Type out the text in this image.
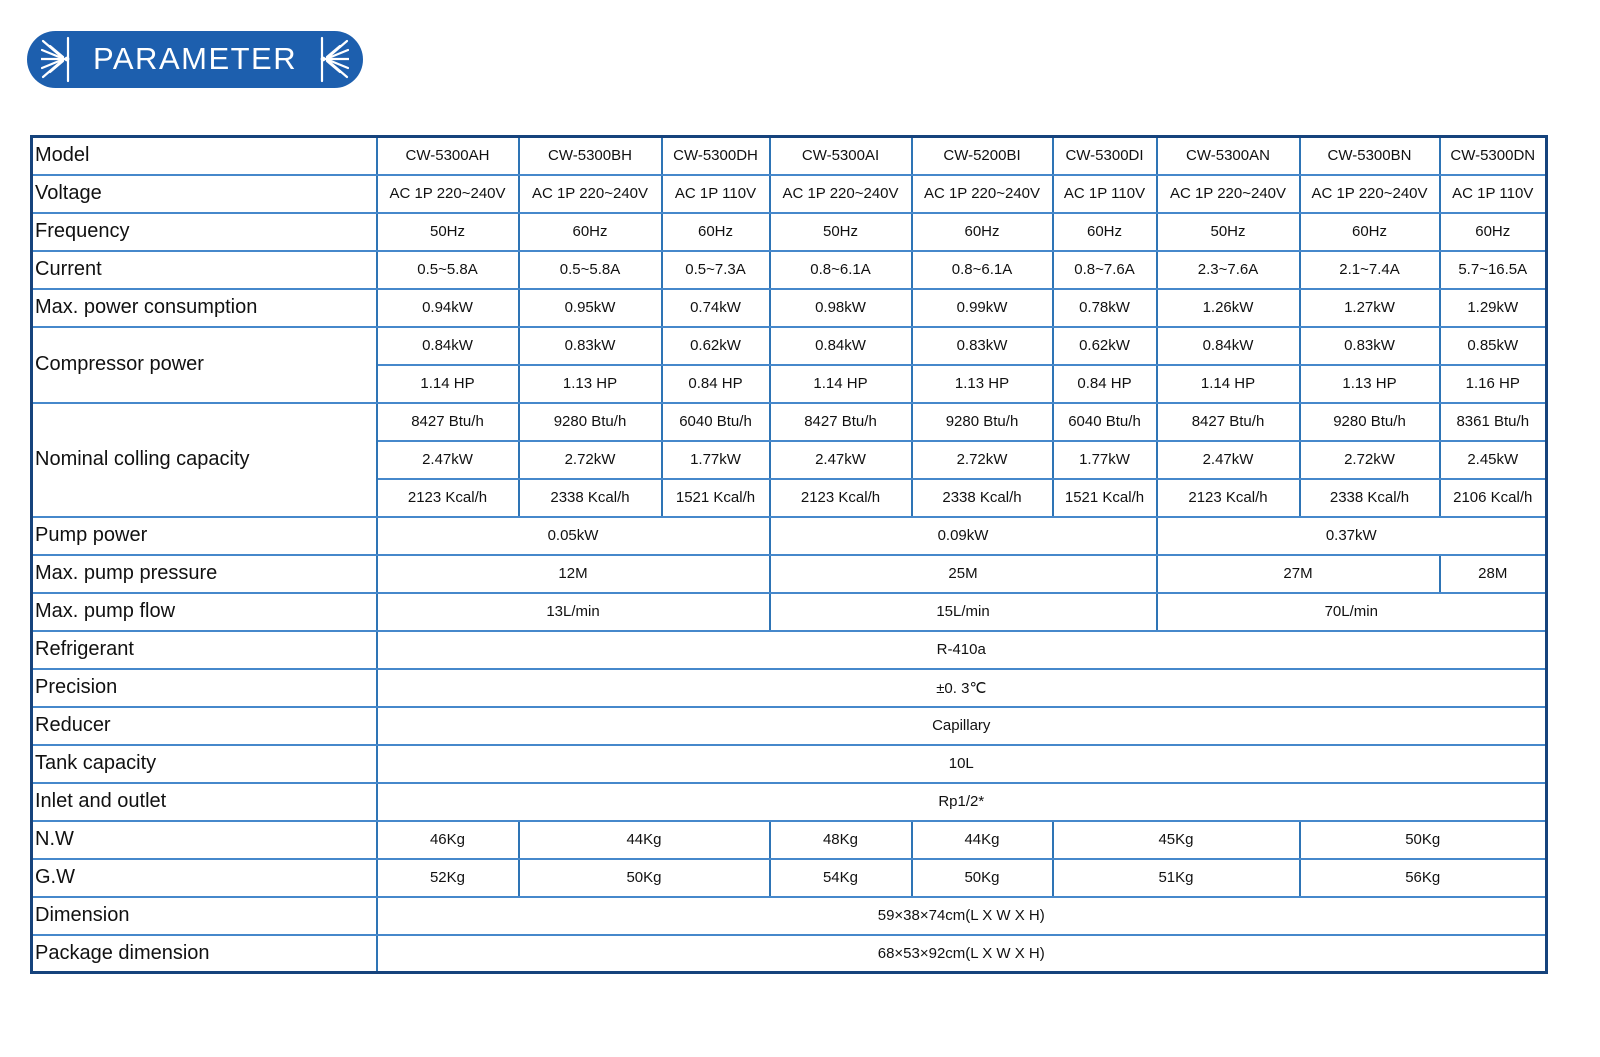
PARAMETER
Model	CW-5300AH	CW-5300BH	CW-5300DH	CW-5300AI	CW-5200BI	CW-5300DI	CW-5300AN	CW-5300BN	CW-5300DN
Voltage	AC 1P 220~240V	AC 1P 220~240V	AC 1P 110V	AC 1P 220~240V	AC 1P 220~240V	AC 1P 110V	AC 1P 220~240V	AC 1P 220~240V	AC 1P 110V
Frequency	50Hz	60Hz	60Hz	50Hz	60Hz	60Hz	50Hz	60Hz	60Hz
Current	0.5~5.8A	0.5~5.8A	0.5~7.3A	0.8~6.1A	0.8~6.1A	0.8~7.6A	2.3~7.6A	2.1~7.4A	5.7~16.5A
Max. power consumption	0.94kW	0.95kW	0.74kW	0.98kW	0.99kW	0.78kW	1.26kW	1.27kW	1.29kW
Compressor power	0.84kW	0.83kW	0.62kW	0.84kW	0.83kW	0.62kW	0.84kW	0.83kW	0.85kW
	1.14 HP	1.13 HP	0.84 HP	1.14 HP	1.13 HP	0.84 HP	1.14 HP	1.13 HP	1.16 HP
Nominal colling capacity	8427 Btu/h	9280 Btu/h	6040 Btu/h	8427 Btu/h	9280 Btu/h	6040 Btu/h	8427 Btu/h	9280 Btu/h	8361 Btu/h
	2.47kW	2.72kW	1.77kW	2.47kW	2.72kW	1.77kW	2.47kW	2.72kW	2.45kW
	2123 Kcal/h	2338 Kcal/h	1521 Kcal/h	2123 Kcal/h	2338 Kcal/h	1521 Kcal/h	2123 Kcal/h	2338 Kcal/h	2106 Kcal/h
Pump power	0.05kW			0.09kW			0.37kW		
Max. pump pressure	12M			25M			27M		28M
Max. pump flow	13L/min			15L/min			70L/min		
Refrigerant	R-410a								
Precision	±0. 3℃								
Reducer	Capillary								
Tank capacity	10L								
Inlet and outlet	Rp1/2*								
N.W	46Kg	44Kg		48Kg	44Kg	45Kg		50Kg	
G.W	52Kg	50Kg		54Kg	50Kg	51Kg		56Kg	
Dimension	59×38×74cm(L X W X H)								
Package dimension	68×53×92cm(L X W X H)								
